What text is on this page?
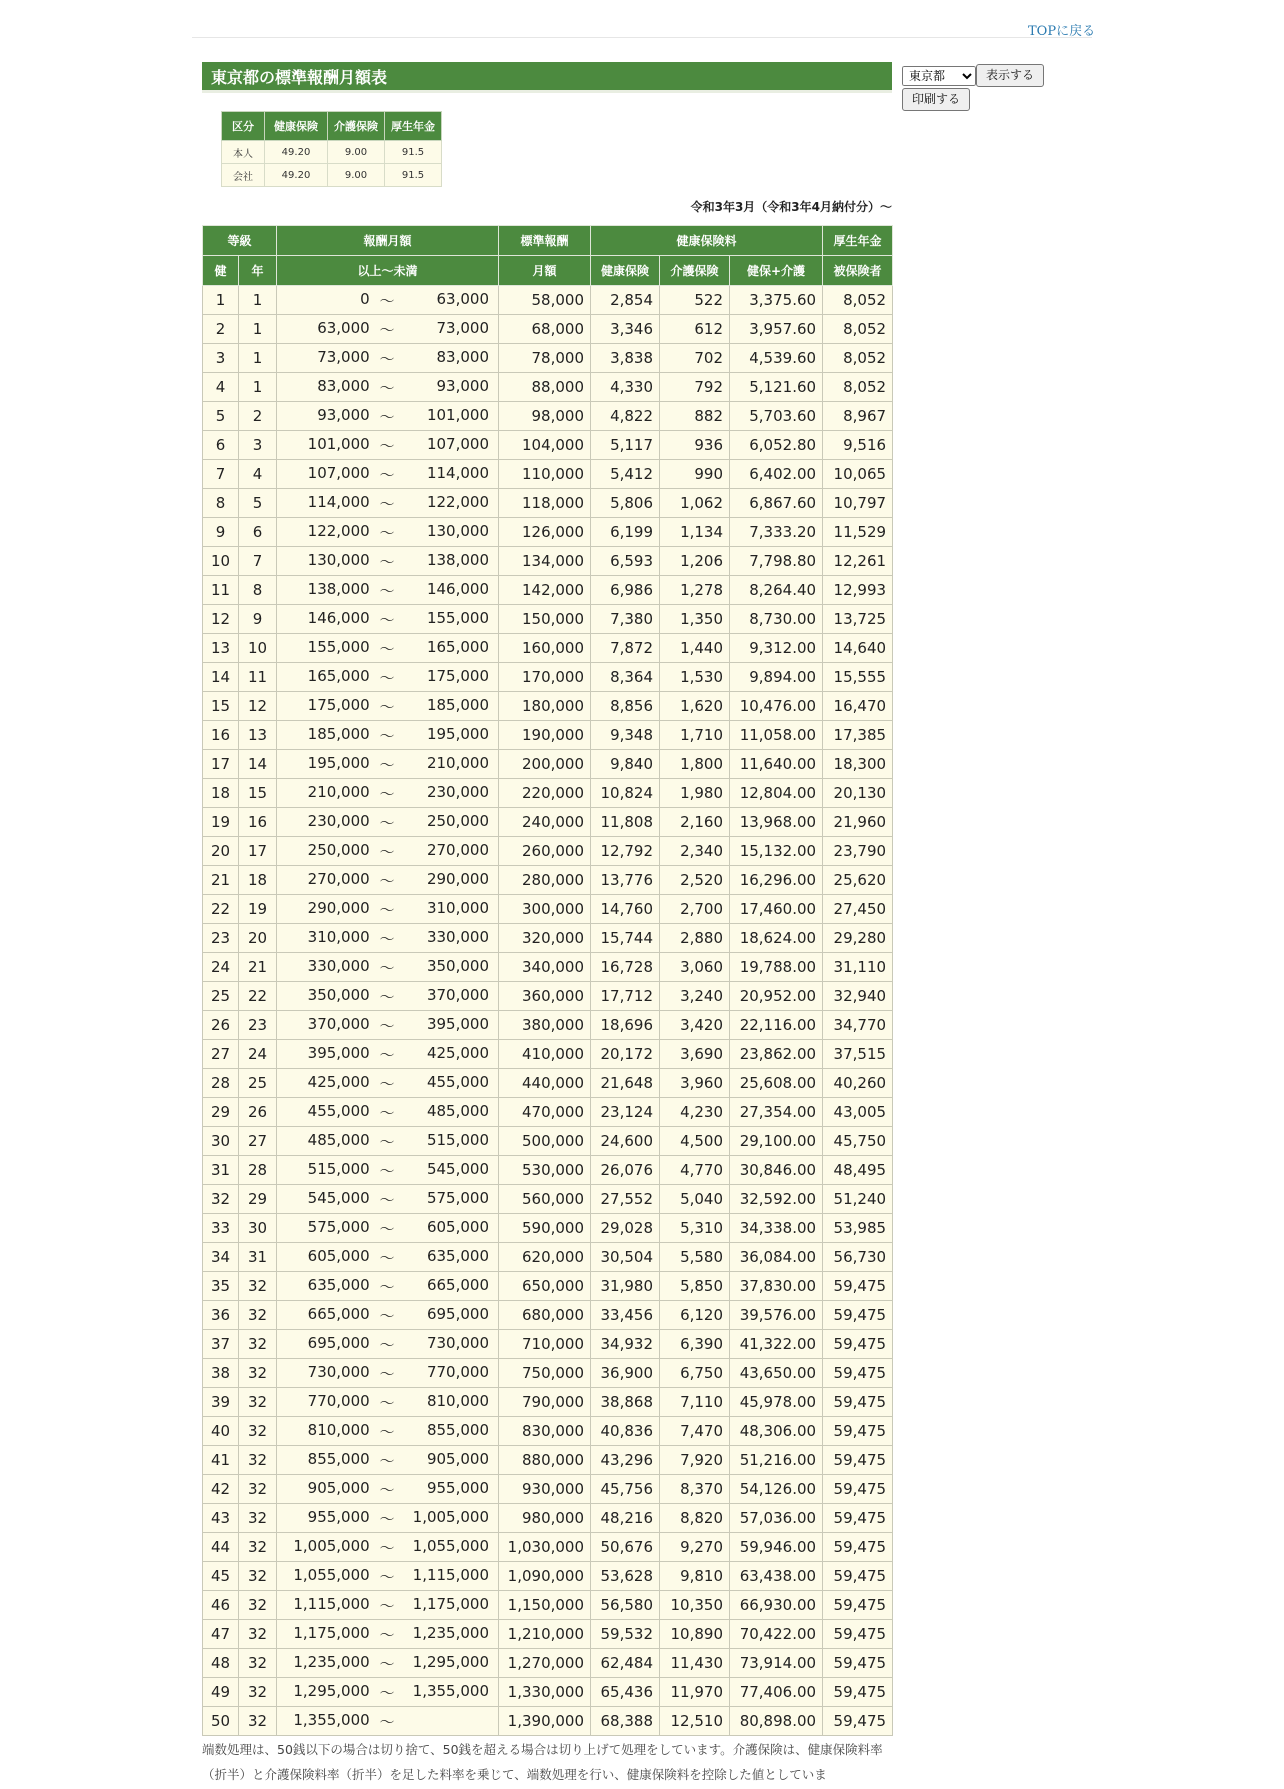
TOPに戻る
東京都の標準報酬月額表
東京都	表示する
印刷する
区分	健康保険	介護保険	厚生年金
本人	49.20	9.00	91.5
会社	49.20	9.00	91.5
令和3年3月（令和3年4月納付分）～
等級		報酬月額	標準報酬	健康保険料			厚生年金
健	年	以上～未満	月額	健康保険	介護保険	健保+介護	被保険者
1	1	0 ～ 63,000	58,000	2,854	522	3,375.60	8,052
2	1	63,000 ～ 73,000	68,000	3,346	612	3,957.60	8,052
3	1	73,000 ～ 83,000	78,000	3,838	702	4,539.60	8,052
4	1	83,000 ～ 93,000	88,000	4,330	792	5,121.60	8,052
5	2	93,000 ～ 101,000	98,000	4,822	882	5,703.60	8,967
6	3	101,000 ～ 107,000	104,000	5,117	936	6,052.80	9,516
7	4	107,000 ～ 114,000	110,000	5,412	990	6,402.00	10,065
8	5	114,000 ～ 122,000	118,000	5,806	1,062	6,867.60	10,797
9	6	122,000 ～ 130,000	126,000	6,199	1,134	7,333.20	11,529
10	7	130,000 ～ 138,000	134,000	6,593	1,206	7,798.80	12,261
11	8	138,000 ～ 146,000	142,000	6,986	1,278	8,264.40	12,993
12	9	146,000 ～ 155,000	150,000	7,380	1,350	8,730.00	13,725
13	10	155,000 ～ 165,000	160,000	7,872	1,440	9,312.00	14,640
14	11	165,000 ～ 175,000	170,000	8,364	1,530	9,894.00	15,555
15	12	175,000 ～ 185,000	180,000	8,856	1,620	10,476.00	16,470
16	13	185,000 ～ 195,000	190,000	9,348	1,710	11,058.00	17,385
17	14	195,000 ～ 210,000	200,000	9,840	1,800	11,640.00	18,300
18	15	210,000 ～ 230,000	220,000	10,824	1,980	12,804.00	20,130
19	16	230,000 ～ 250,000	240,000	11,808	2,160	13,968.00	21,960
20	17	250,000 ～ 270,000	260,000	12,792	2,340	15,132.00	23,790
21	18	270,000 ～ 290,000	280,000	13,776	2,520	16,296.00	25,620
22	19	290,000 ～ 310,000	300,000	14,760	2,700	17,460.00	27,450
23	20	310,000 ～ 330,000	320,000	15,744	2,880	18,624.00	29,280
24	21	330,000 ～ 350,000	340,000	16,728	3,060	19,788.00	31,110
25	22	350,000 ～ 370,000	360,000	17,712	3,240	20,952.00	32,940
26	23	370,000 ～ 395,000	380,000	18,696	3,420	22,116.00	34,770
27	24	395,000 ～ 425,000	410,000	20,172	3,690	23,862.00	37,515
28	25	425,000 ～ 455,000	440,000	21,648	3,960	25,608.00	40,260
29	26	455,000 ～ 485,000	470,000	23,124	4,230	27,354.00	43,005
30	27	485,000 ～ 515,000	500,000	24,600	4,500	29,100.00	45,750
31	28	515,000 ～ 545,000	530,000	26,076	4,770	30,846.00	48,495
32	29	545,000 ～ 575,000	560,000	27,552	5,040	32,592.00	51,240
33	30	575,000 ～ 605,000	590,000	29,028	5,310	34,338.00	53,985
34	31	605,000 ～ 635,000	620,000	30,504	5,580	36,084.00	56,730
35	32	635,000 ～ 665,000	650,000	31,980	5,850	37,830.00	59,475
36	32	665,000 ～ 695,000	680,000	33,456	6,120	39,576.00	59,475
37	32	695,000 ～ 730,000	710,000	34,932	6,390	41,322.00	59,475
38	32	730,000 ～ 770,000	750,000	36,900	6,750	43,650.00	59,475
39	32	770,000 ～ 810,000	790,000	38,868	7,110	45,978.00	59,475
40	32	810,000 ～ 855,000	830,000	40,836	7,470	48,306.00	59,475
41	32	855,000 ～ 905,000	880,000	43,296	7,920	51,216.00	59,475
42	32	905,000 ～ 955,000	930,000	45,756	8,370	54,126.00	59,475
43	32	955,000 ～ 1,005,000	980,000	48,216	8,820	57,036.00	59,475
44	32	1,005,000 ～ 1,055,000	1,030,000	50,676	9,270	59,946.00	59,475
45	32	1,055,000 ～ 1,115,000	1,090,000	53,628	9,810	63,438.00	59,475
46	32	1,115,000 ～ 1,175,000	1,150,000	56,580	10,350	66,930.00	59,475
47	32	1,175,000 ～ 1,235,000	1,210,000	59,532	10,890	70,422.00	59,475
48	32	1,235,000 ～ 1,295,000	1,270,000	62,484	11,430	73,914.00	59,475
49	32	1,295,000 ～ 1,355,000	1,330,000	65,436	11,970	77,406.00	59,475
50	32	1,355,000 ～	1,390,000	68,388	12,510	80,898.00	59,475
端数処理は、50銭以下の場合は切り捨て、50銭を超える場合は切り上げて処理をしています。介護保険は、健康保険料率（折半）と介護保険料率（折半）を足した料率を乗じて、端数処理を行い、健康保険料を控除した値としていま
